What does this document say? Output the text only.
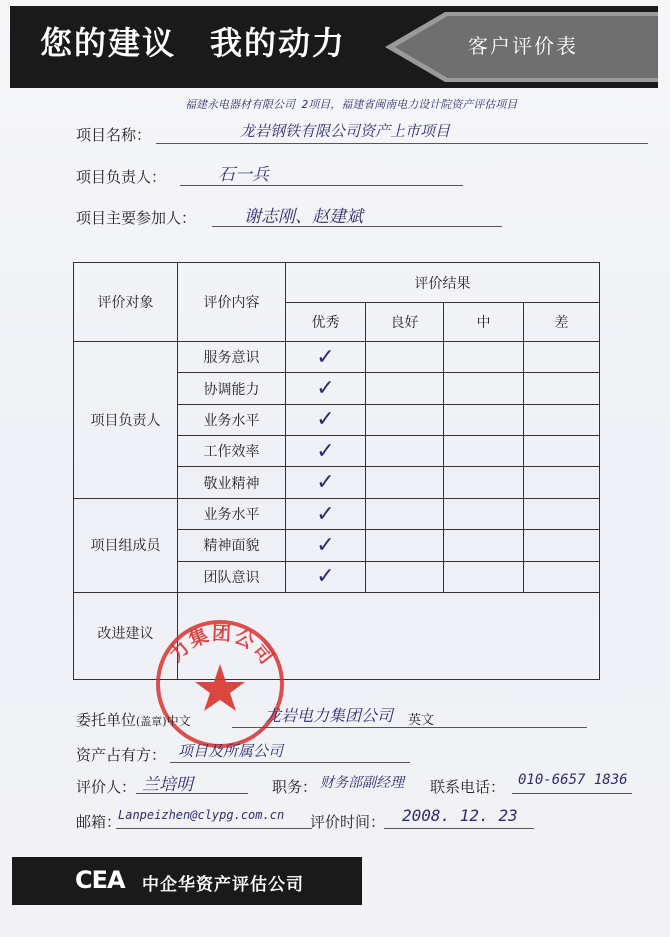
您的建议　我的动力	客户评价表
福建永电器材有限公司 2项目，福建省闽南电力设计院资产评估项目
项目名称：	龙岩钢铁有限公司资产上市项目
项目负责人：	石一兵
项目主要参加人：	谢志刚、赵建斌
评价对象	评价内容	评价结果			
		优秀	良好	中	差
项目负责人	服务意识	✓			
	协调能力	✓			
	业务水平	✓			
	工作效率	✓			
	敬业精神	✓			
项目组成员	业务水平	✓			
	精神面貌	✓			
	团队意识	✓			
改进建议					
力集团公司
委托单位(盖章)中文	龙岩电力集团公司 英文
资产占有方： 项目及所属公司
评价人： 兰培明	职务： 财务部副经理 联系电话： 010-6657 1836
邮箱：
Lanpeizhen@clypg.com.cn 评价时间： 2008. 12. 23
CEA 中企华资产评估公司
